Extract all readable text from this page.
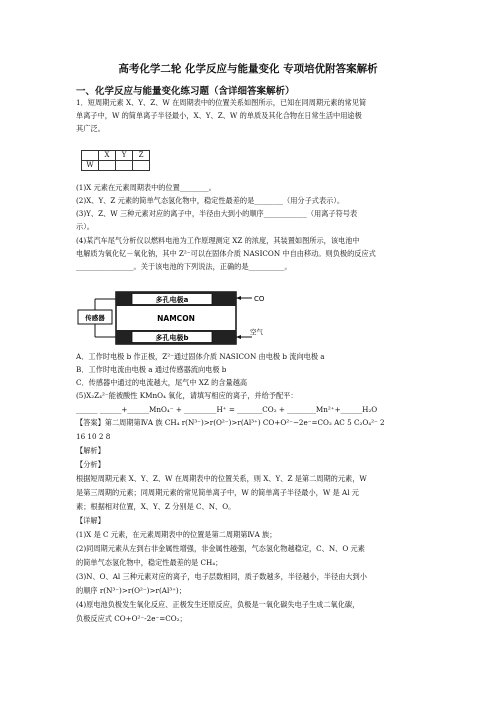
高考化学二轮 化学反应与能量变化 专项培优附答案解析
一、化学反应与能量变化练习题（含详细答案解析）
1．短周期元素 X、Y、Z、W 在周期表中的位置关系如图所示，已知在同周期元素的常见简
单离子中，W 的简单离子半径最小，X、Y、Z、W 的单质及其化合物在日常生活中用途极
其广泛。
	X	Y	Z
W			
(1)X 元素在元素周期表中的位置________。
(2)X、Y、Z 元素的简单气态氢化物中，稳定性最差的是________（用分子式表示）。
(3)Y、Z、W 三种元素对应的离子中，半径由大到小的顺序____________（用离子符号表
示）。
(4)某汽车尾气分析仪以燃料电池为工作原理测定 XZ 的浓度，其装置如图所示，该电池中
电解质为氧化钇－氧化钠，其中 Z²⁻可以在固体介质 NASICON 中自由移动。则负极的反应式
________________。关于该电池的下列说法，正确的是__________。
多孔电极a
NAMCON
多孔电极b
传感器
CO
空气
A．工作时电极 b 作正极，Z²⁻通过固体介质 NASICON 由电极 b 流向电极 a
B．工作时电流由电极 a 通过传感器流向电极 b
C．传感器中通过的电流越大，尾气中 XZ 的含量越高
(5)X₂Z₄²⁻能被酸性 KMnO₄ 氧化，请填写相应的离子，并给予配平：
______ ______+______MnO₄⁻ + _________H⁺ = _______CO₂ + ________Mn²⁺+______H₂O
【答案】第二周期第ⅣA 族 CH₄ r(N³⁻)>r(O²⁻)>r(Al³⁺) CO+O²⁻−2e⁻=CO₂ AC 5 C₂O₄²⁻ 2
16 10 2 8
【解析】
【分析】
根据短周期元素 X、Y、Z、W 在周期表中的位置关系，则 X、Y、Z 是第二周期的元素，W
是第三周期的元素；同周期元素的常见简单离子中，W 的简单离子半径最小，W 是 Al 元
素；根据相对位置，X、Y、Z 分别是 C、N、O。
【详解】
(1)X 是 C 元素，在元素周期表中的位置是第二周期第ⅣA 族；
(2)同周期元素从左到右非金属性增强，非金属性越强，气态氢化物越稳定，C、N、O 元素
的简单气态氢化物中，稳定性最差的是 CH₄；
(3)N、O、Al 三种元素对应的离子，电子层数相同，质子数越多，半径越小，半径由大到小
的顺序 r(N³⁻)>r(O²⁻)>r(Al³⁺)；
(4)原电池负极发生氧化反应、正极发生还原反应，负极是一氧化碳失电子生成二氧化碳，
负极反应式 CO+O²⁻-2e⁻=CO₂；
